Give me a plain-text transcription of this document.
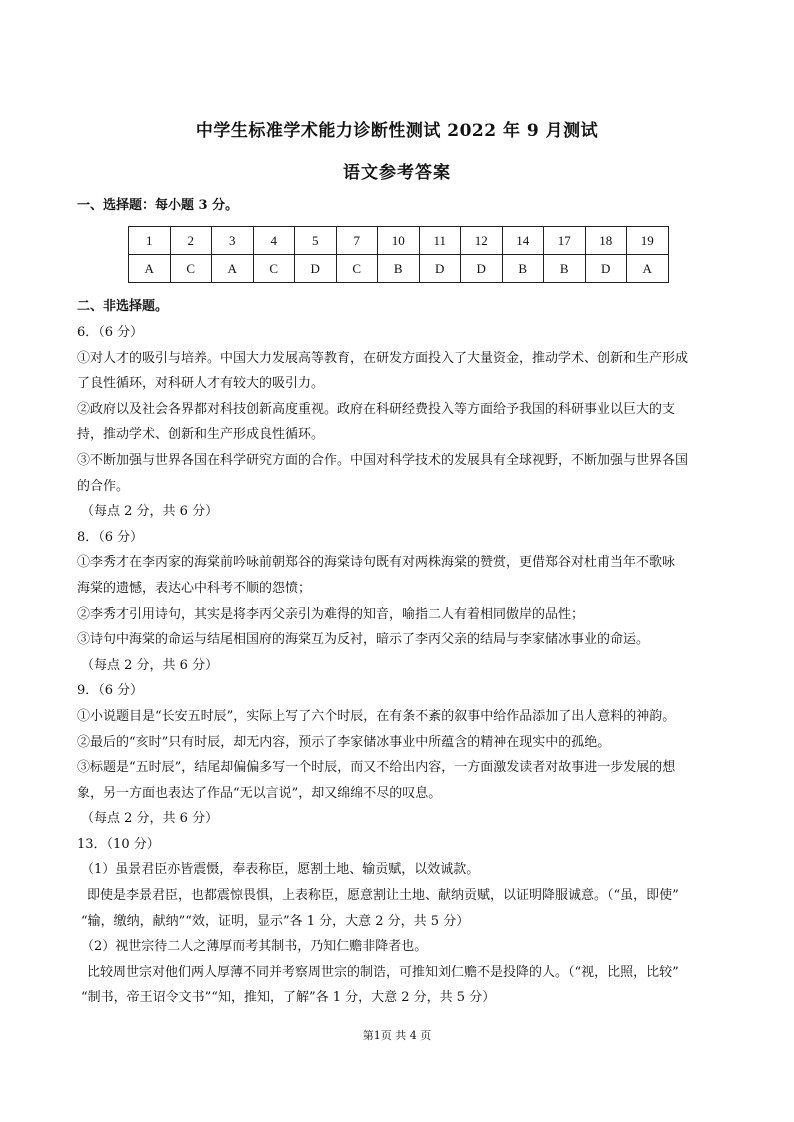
中学生标准学术能力诊断性测试 2022 年 9 月测试
语文参考答案
一、选择题：每小题 3 分。
1	2	3	4	5	7	10	11	12	14	17	18	19
A	C	A	C	D	C	B	D	D	B	B	D	A
二、非选择题。

6．（6 分）

①对人才的吸引与培养。中国大力发展高等教育，在研发方面投入了大量资金，推动学术、创新和生产形成

了良性循环，对科研人才有较大的吸引力。

②政府以及社会各界都对科技创新高度重视。政府在科研经费投入等方面给予我国的科研事业以巨大的支

持，推动学术、创新和生产形成良性循环。

③不断加强与世界各国在科学研究方面的合作。中国对科学技术的发展具有全球视野，不断加强与世界各国

的合作。

（每点 2 分，共 6 分）

8．（6 分）

①李秀才在李丙家的海棠前吟咏前朝郑谷的海棠诗句既有对两株海棠的赞赏，更借郑谷对杜甫当年不歌咏

海棠的遗憾，表达心中科考不顺的怨愤；

②李秀才引用诗句，其实是将李丙父亲引为难得的知音，喻指二人有着相同傲岸的品性；

③诗句中海棠的命运与结尾相国府的海棠互为反衬，暗示了李丙父亲的结局与李家储冰事业的命运。

（每点 2 分，共 6 分）

9．（6 分）

①小说题目是“长安五时辰”，实际上写了六个时辰，在有条不紊的叙事中给作品添加了出人意料的神韵。

②最后的“亥时”只有时辰，却无内容，预示了李家储冰事业中所蕴含的精神在现实中的孤绝。

③标题是“五时辰”，结尾却偏偏多写一个时辰，而又不给出内容，一方面激发读者对故事进一步发展的想

象，另一方面也表达了作品“无以言说”，却又绵绵不尽的叹息。

（每点 2 分，共 6 分）

13．（10 分）

（1）虽景君臣亦皆震慑，奉表称臣，愿割土地、输贡赋，以效诚款。

即使是李景君臣，也都震惊畏惧，上表称臣，愿意割让土地、献纳贡赋，以证明降服诚意。（“虽，即使”

“输，缴纳，献纳”“效，证明，显示”各 1 分，大意 2 分，共 5 分）

（2）视世宗待二人之薄厚而考其制书，乃知仁赡非降者也。

比较周世宗对他们两人厚薄不同并考察周世宗的制诰，可推知刘仁赡不是投降的人。（“视，比照，比较”

“制书，帝王诏令文书”“知，推知，了解”各 1 分，大意 2 分，共 5 分）

第1页 共 4 页
